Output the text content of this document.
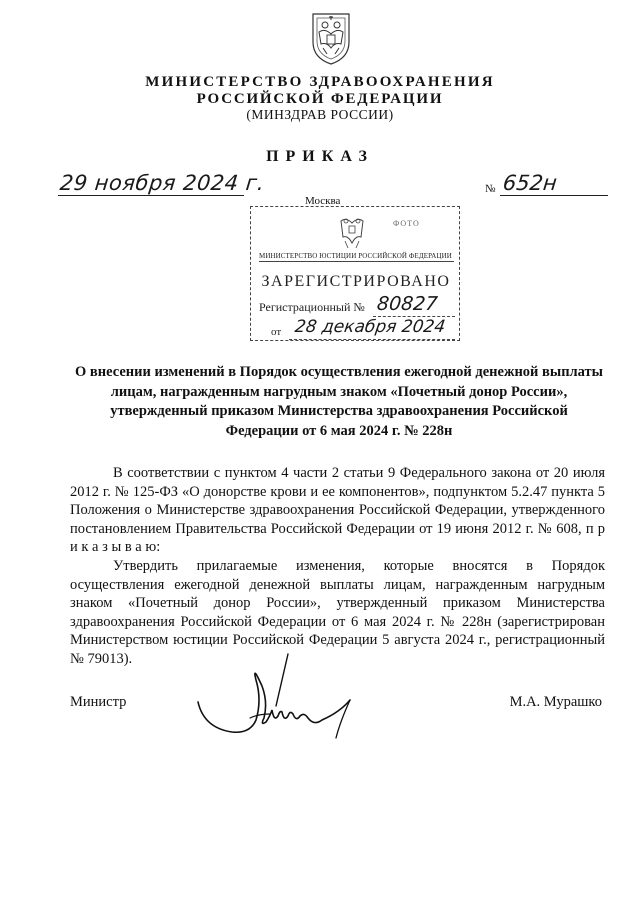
МИНИСТЕРСТВО ЗДРАВООХРАНЕНИЯ
РОССИЙСКОЙ ФЕДЕРАЦИИ
(МИНЗДРАВ РОССИИ)
ПРИКАЗ
29 ноября 2024 г.	№ 652н
Москва
ФОТО
МИНИСТЕРСТВО ЮСТИЦИИ РОССИЙСКОЙ ФЕДЕРАЦИИ
ЗАРЕГИСТРИРОВАНО
Регистрационный № 80827
от 28 декабря 2024
О внесении изменений в Порядок осуществления ежегодной денежной выплаты лицам, награжденным нагрудным знаком «Почетный донор России», утвержденный приказом Министерства здравоохранения Российской Федерации от 6 мая 2024 г. № 228н

В соответствии с пунктом 4 части 2 статьи 9 Федерального закона от 20 июля 2012 г. № 125-ФЗ «О донорстве крови и ее компонентов», подпунктом 5.2.47 пункта 5 Положения о Министерстве здравоохранения Российской Федерации, утвержденного постановлением Правительства Российской Федерации от 19 июня 2012 г. № 608, п р и к а з ы в а ю:

Утвердить прилагаемые изменения, которые вносятся в Порядок осуществления ежегодной денежной выплаты лицам, награжденным нагрудным знаком «Почетный донор России», утвержденный приказом Министерства здравоохранения Российской Федерации от 6 мая 2024 г. № 228н (зарегистрирован Министерством юстиции Российской Федерации 5 августа 2024 г., регистрационный № 79013).

Министр	М.А. Мурашко
